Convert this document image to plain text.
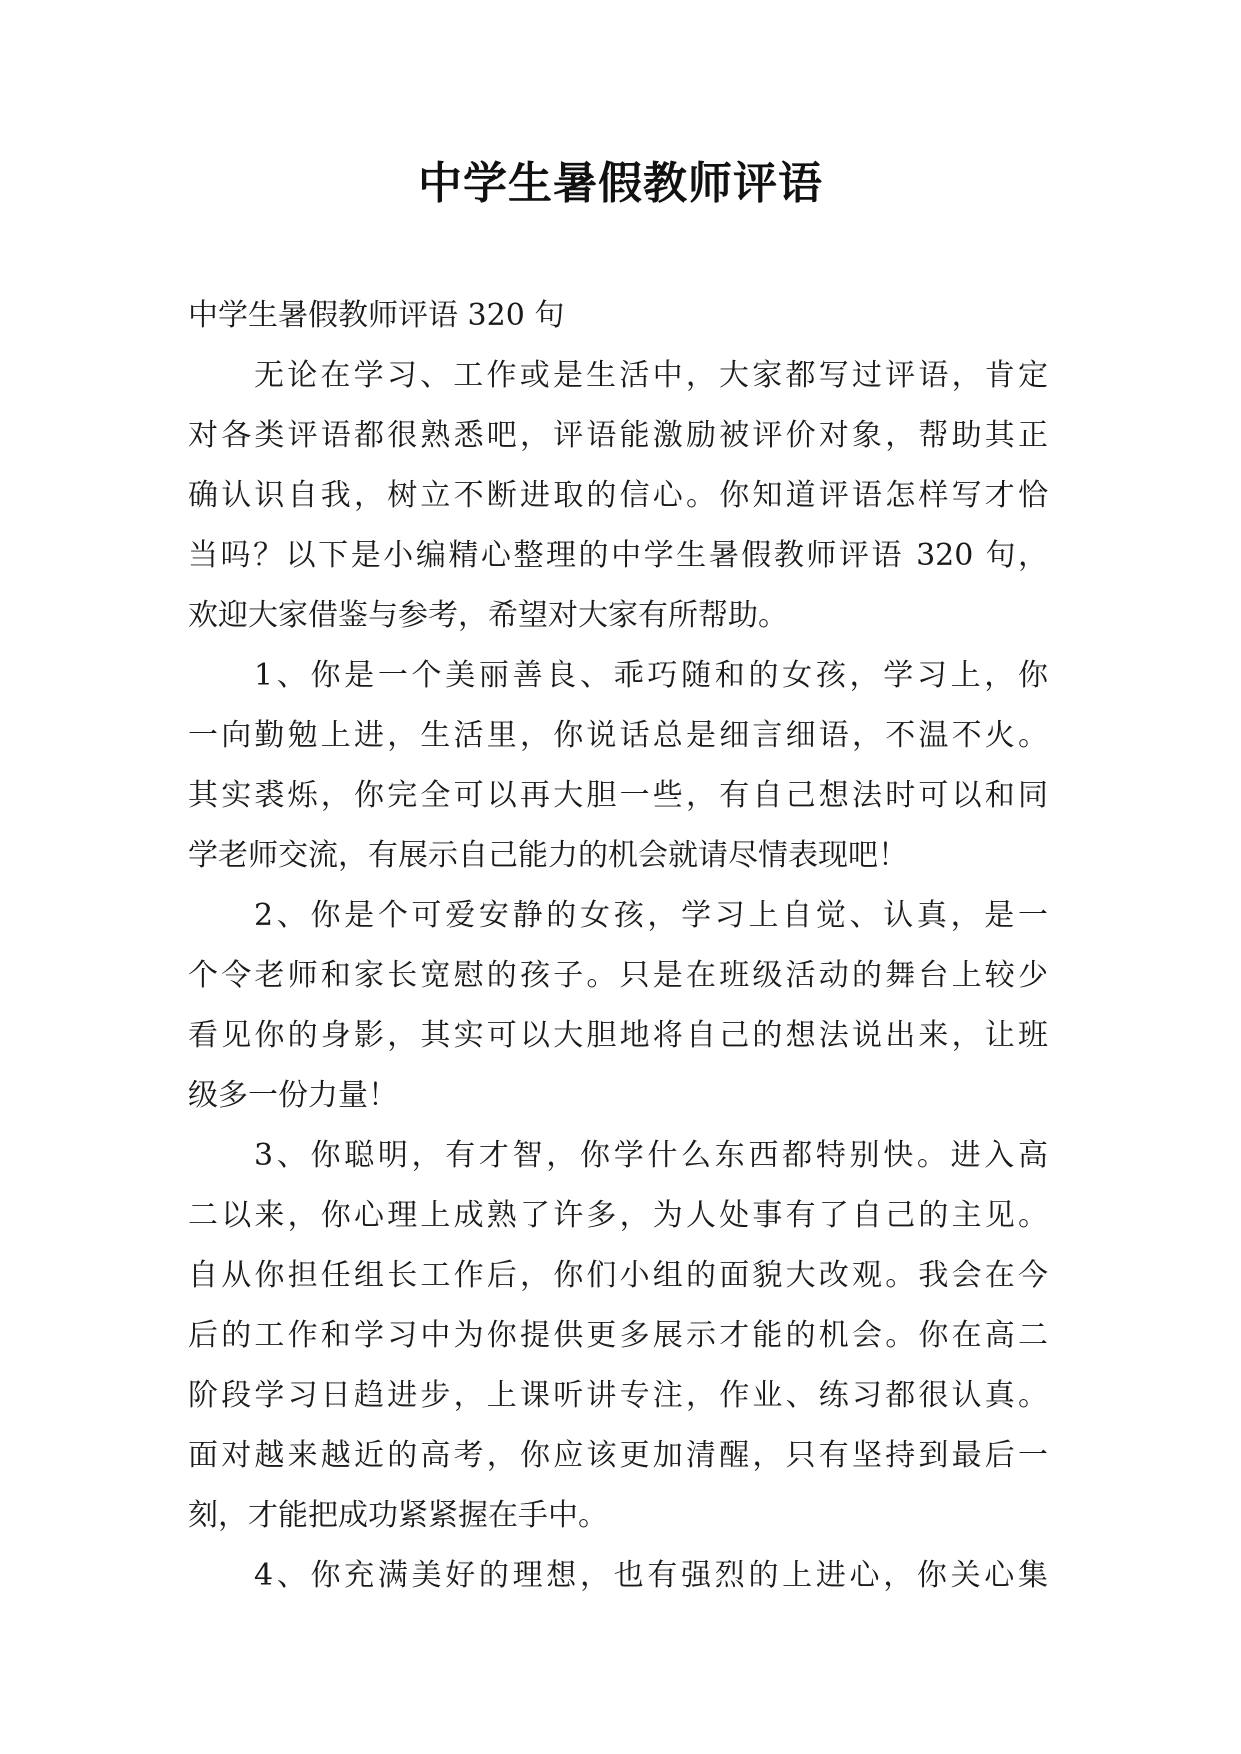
中学生暑假教师评语
中学生暑假教师评语 320 句
无论在学习、工作或是生活中，大家都写过评语，肯定
对各类评语都很熟悉吧，评语能激励被评价对象，帮助其正
确认识自我，树立不断进取的信心。你知道评语怎样写才恰
当吗？以下是小编精心整理的中学生暑假教师评语 320 句，
欢迎大家借鉴与参考，希望对大家有所帮助。
1、你是一个美丽善良、乖巧随和的女孩，学习上，你
一向勤勉上进，生活里，你说话总是细言细语，不温不火。
其实裘烁，你完全可以再大胆一些，有自己想法时可以和同
学老师交流，有展示自己能力的机会就请尽情表现吧！
2、你是个可爱安静的女孩，学习上自觉、认真，是一
个令老师和家长宽慰的孩子。只是在班级活动的舞台上较少
看见你的身影，其实可以大胆地将自己的想法说出来，让班
级多一份力量！
3、你聪明，有才智，你学什么东西都特别快。进入高
二以来，你心理上成熟了许多，为人处事有了自己的主见。
自从你担任组长工作后，你们小组的面貌大改观。我会在今
后的工作和学习中为你提供更多展示才能的机会。你在高二
阶段学习日趋进步，上课听讲专注，作业、练习都很认真。
面对越来越近的高考，你应该更加清醒，只有坚持到最后一
刻，才能把成功紧紧握在手中。
4、你充满美好的理想，也有强烈的上进心，你关心集
